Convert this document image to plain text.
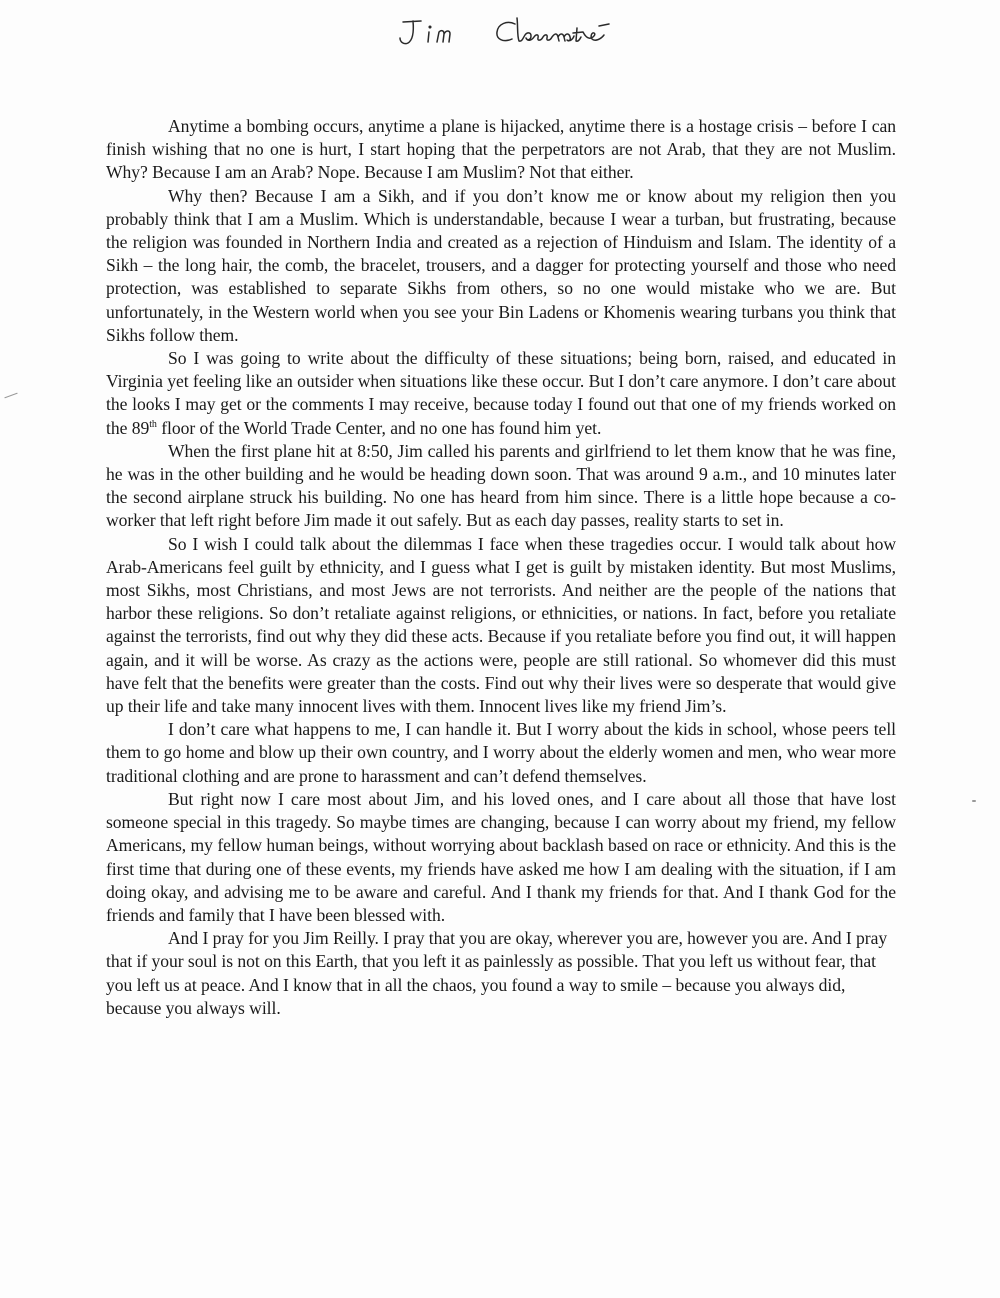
Anytime a bombing occurs, anytime a plane is hijacked, anytime there is a hostage crisis – before I can finish wishing that no one is hurt, I start hoping that the perpetrators are not Arab, that they are not Muslim. Why? Because I am an Arab? Nope. Because I am Muslim? Not that either.

Why then? Because I am a Sikh, and if you don’t know me or know about my religion then you probably think that I am a Muslim. Which is understandable, because I wear a turban, but frustrating, because the religion was founded in Northern India and created as a rejection of Hinduism and Islam. The identity of a Sikh – the long hair, the comb, the bracelet, trousers, and a dagger for protecting yourself and those who need protection, was established to separate Sikhs from others, so no one would mistake who we are. But unfortunately, in the Western world when you see your Bin Ladens or Khomenis wearing turbans you think that Sikhs follow them.

So I was going to write about the difficulty of these situations; being born, raised, and educated in Virginia yet feeling like an outsider when situations like these occur. But I don’t care anymore. I don’t care about the looks I may get or the comments I may receive, because today I found out that one of my friends worked on the 89th floor of the World Trade Center, and no one has found him yet.

When the first plane hit at 8:50, Jim called his parents and girlfriend to let them know that he was fine, he was in the other building and he would be heading down soon. That was around 9 a.m., and 10 minutes later the second airplane struck his building. No one has heard from him since. There is a little hope because a co-worker that left right before Jim made it out safely. But as each day passes, reality starts to set in.

So I wish I could talk about the dilemmas I face when these tragedies occur. I would talk about how Arab-Americans feel guilt by ethnicity, and I guess what I get is guilt by mistaken identity. But most Muslims, most Sikhs, most Christians, and most Jews are not terrorists. And neither are the people of the nations that harbor these religions. So don’t retaliate against religions, or ethnicities, or nations. In fact, before you retaliate against the terrorists, find out why they did these acts. Because if you retaliate before you find out, it will happen again, and it will be worse. As crazy as the actions were, people are still rational. So whomever did this must have felt that the benefits were greater than the costs. Find out why their lives were so desperate that would give up their life and take many innocent lives with them. Innocent lives like my friend Jim’s.

I don’t care what happens to me, I can handle it. But I worry about the kids in school, whose peers tell them to go home and blow up their own country, and I worry about the elderly women and men, who wear more traditional clothing and are prone to harassment and can’t defend themselves.

But right now I care most about Jim, and his loved ones, and I care about all those that have lost someone special in this tragedy. So maybe times are changing, because I can worry about my friend, my fellow Americans, my fellow human beings, without worrying about backlash based on race or ethnicity. And this is the first time that during one of these events, my friends have asked me how I am dealing with the situation, if I am doing okay, and advising me to be aware and careful. And I thank my friends for that. And I thank God for the friends and family that I have been blessed with.

And I pray for you Jim Reilly. I pray that you are okay, wherever you are, however you are. And I pray that if your soul is not on this Earth, that you left it as painlessly as possible. That you left us without fear, that you left us at peace. And I know that in all the chaos, you found a way to smile – because you always did, because you always will.
